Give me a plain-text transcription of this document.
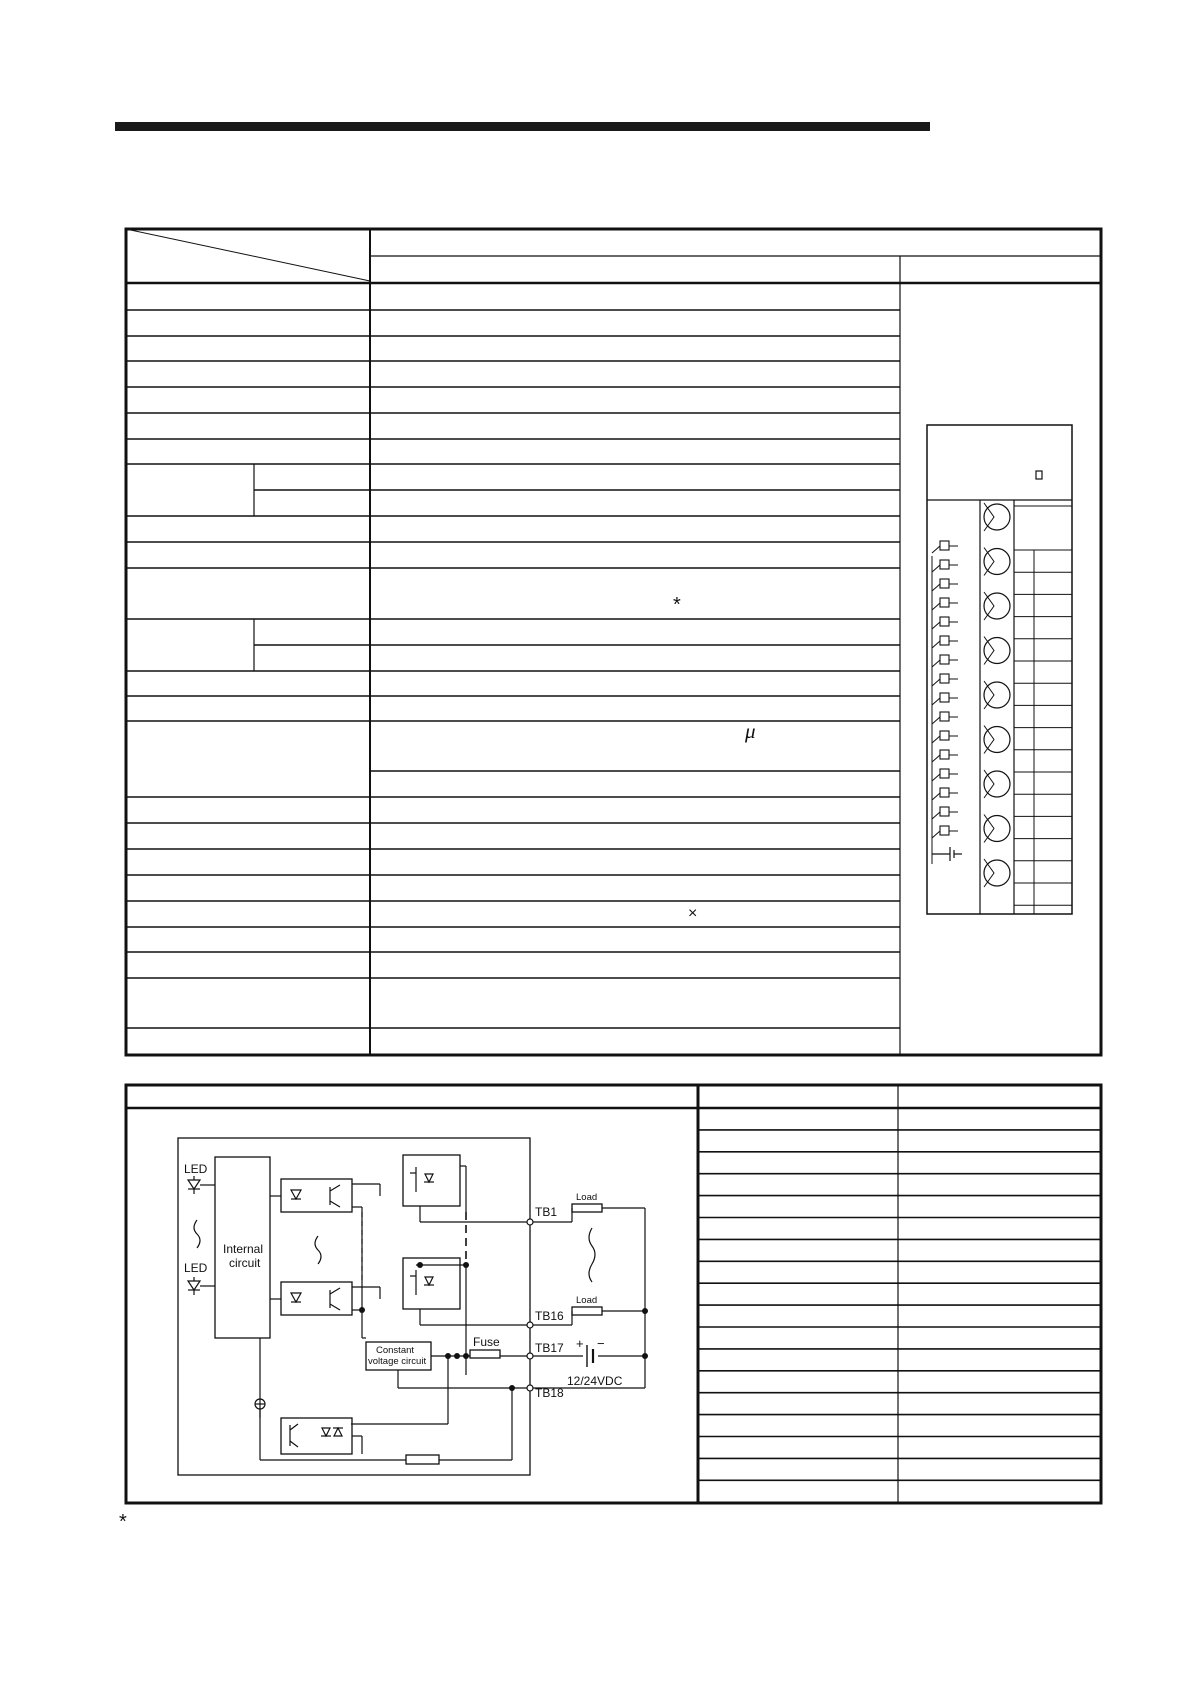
*
μ
×
LED
LED
Internal
circuit
Constant
voltage circuit
Fuse
Load
Load
TB1
TB16
TB17
TB18
12/24VDC
+ −
*
